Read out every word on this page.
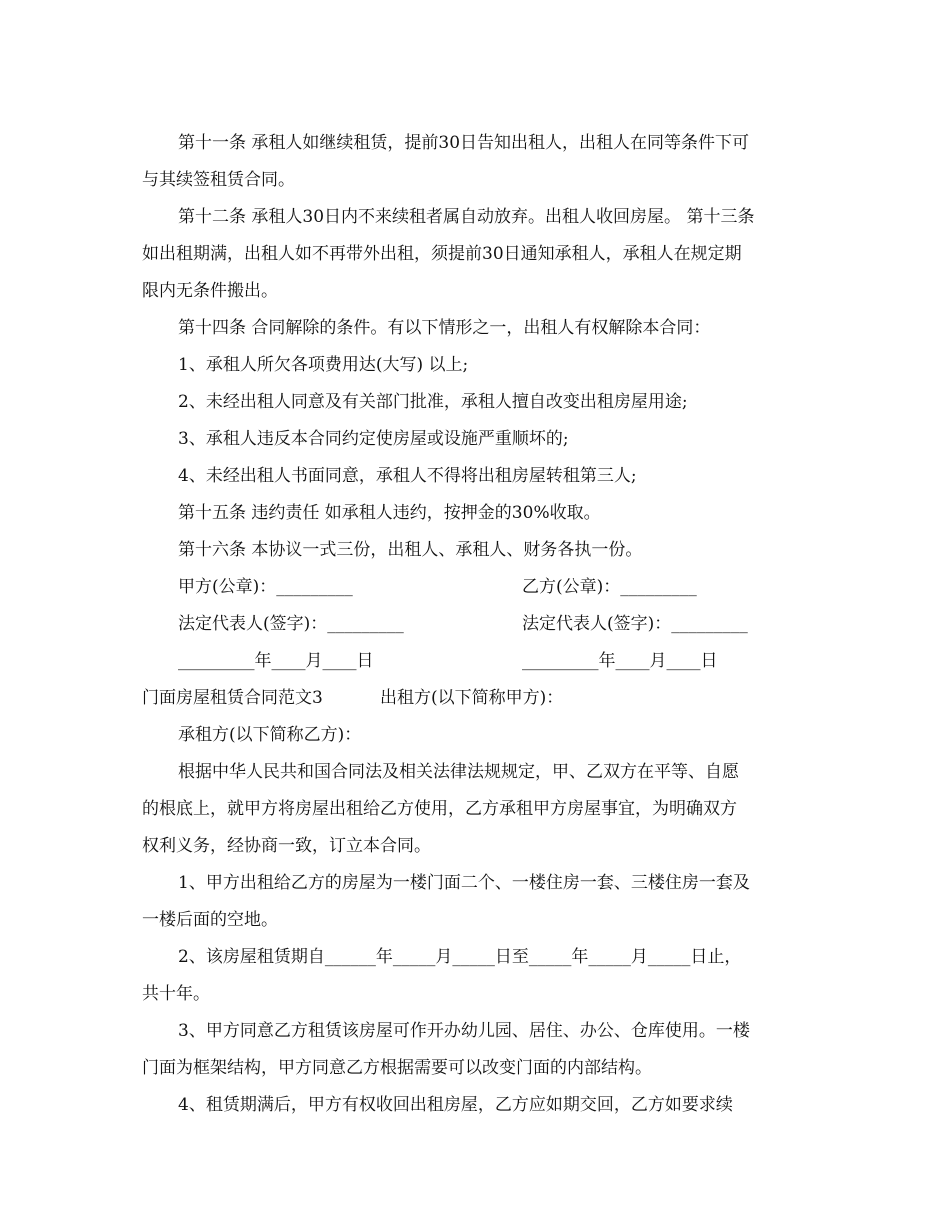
第十一条 承租人如继续租赁，提前30日告知出租人，出租人在同等条件下可
与其续签租赁合同。
第十二条 承租人30日内不来续租者属自动放弃。出租人收回房屋。 第十三条
如出租期满，出租人如不再带外出租，须提前30日通知承租人，承租人在规定期
限内无条件搬出。
第十四条 合同解除的条件。有以下情形之一，出租人有权解除本合同：
1、承租人所欠各项费用达(大写) 以上;
2、未经出租人同意及有关部门批准，承租人擅自改变出租房屋用途;
3、承租人违反本合同约定使房屋或设施严重顺坏的;
4、未经出租人书面同意，承租人不得将出租房屋转租第三人;
第十五条 违约责任 如承租人违约，按押金的30%收取。
第十六条 本协议一式三份，出租人、承租人、财务各执一份。
甲方(公章)：_________	乙方(公章)：_________
法定代表人(签字)：_________	法定代表人(签字)：_________
_________年____月____日	_________年____月____日
门面房屋租赁合同范文3	出租方(以下简称甲方)：
承租方(以下简称乙方)：
根据中华人民共和国合同法及相关法律法规规定，甲、乙双方在平等、自愿
的根底上，就甲方将房屋出租给乙方使用，乙方承租甲方房屋事宜，为明确双方
权利义务，经协商一致，订立本合同。
1、甲方出租给乙方的房屋为一楼门面二个、一楼住房一套、三楼住房一套及
一楼后面的空地。
2、该房屋租赁期自______年_____月_____日至_____年_____月_____日止，
共十年。
3、甲方同意乙方租赁该房屋可作开办幼儿园、居住、办公、仓库使用。一楼
门面为框架结构，甲方同意乙方根据需要可以改变门面的内部结构。
4、租赁期满后，甲方有权收回出租房屋，乙方应如期交回，乙方如要求续
